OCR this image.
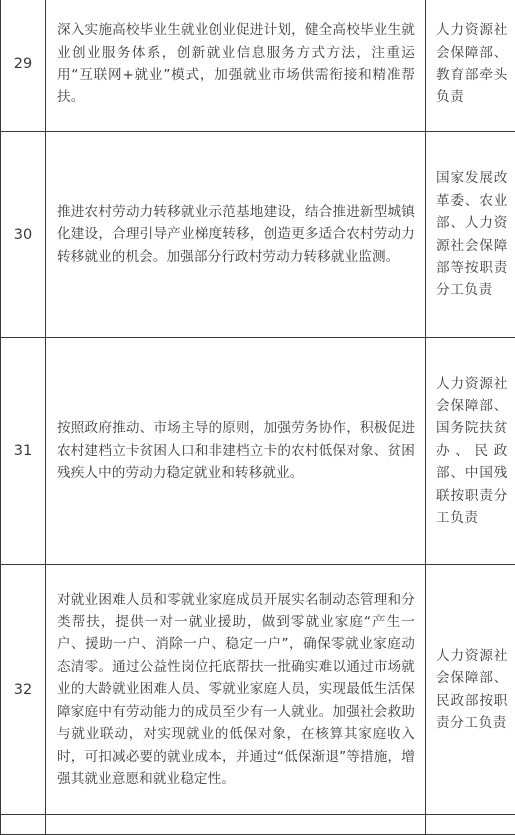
29	深入实施高校毕业生就业创业促进计划，健全高校毕业生就业创业服务体系，创新就业信息服务方式方法，注重运用“互联网+就业”模式，加强就业市场供需衔接和精准帮扶。	人力资源社会保障部、教育部牵头负责
30	推进农村劳动力转移就业示范基地建设，结合推进新型城镇化建设，合理引导产业梯度转移，创造更多适合农村劳动力转移就业的机会。加强部分行政村劳动力转移就业监测。	国家发展改革委、农业部、人力资源社会保障部等按职责分工负责
31	按照政府推动、市场主导的原则，加强劳务协作，积极促进农村建档立卡贫困人口和非建档立卡的农村低保对象、贫困残疾人中的劳动力稳定就业和转移就业。	人力资源社会保障部、国务院扶贫办、民政部、中国残联按职责分工负责
32	对就业困难人员和零就业家庭成员开展实名制动态管理和分类帮扶，提供一对一就业援助，做到零就业家庭“产生一户、援助一户、消除一户、稳定一户”，确保零就业家庭动态清零。通过公益性岗位托底帮扶一批确实难以通过市场就业的大龄就业困难人员、零就业家庭人员，实现最低生活保障家庭中有劳动能力的成员至少有一人就业。加强社会救助与就业联动，对实现就业的低保对象，在核算其家庭收入时，可扣减必要的就业成本，并通过“低保渐退”等措施，增强其就业意愿和就业稳定性。	人力资源社会保障部、民政部按职责分工负责
